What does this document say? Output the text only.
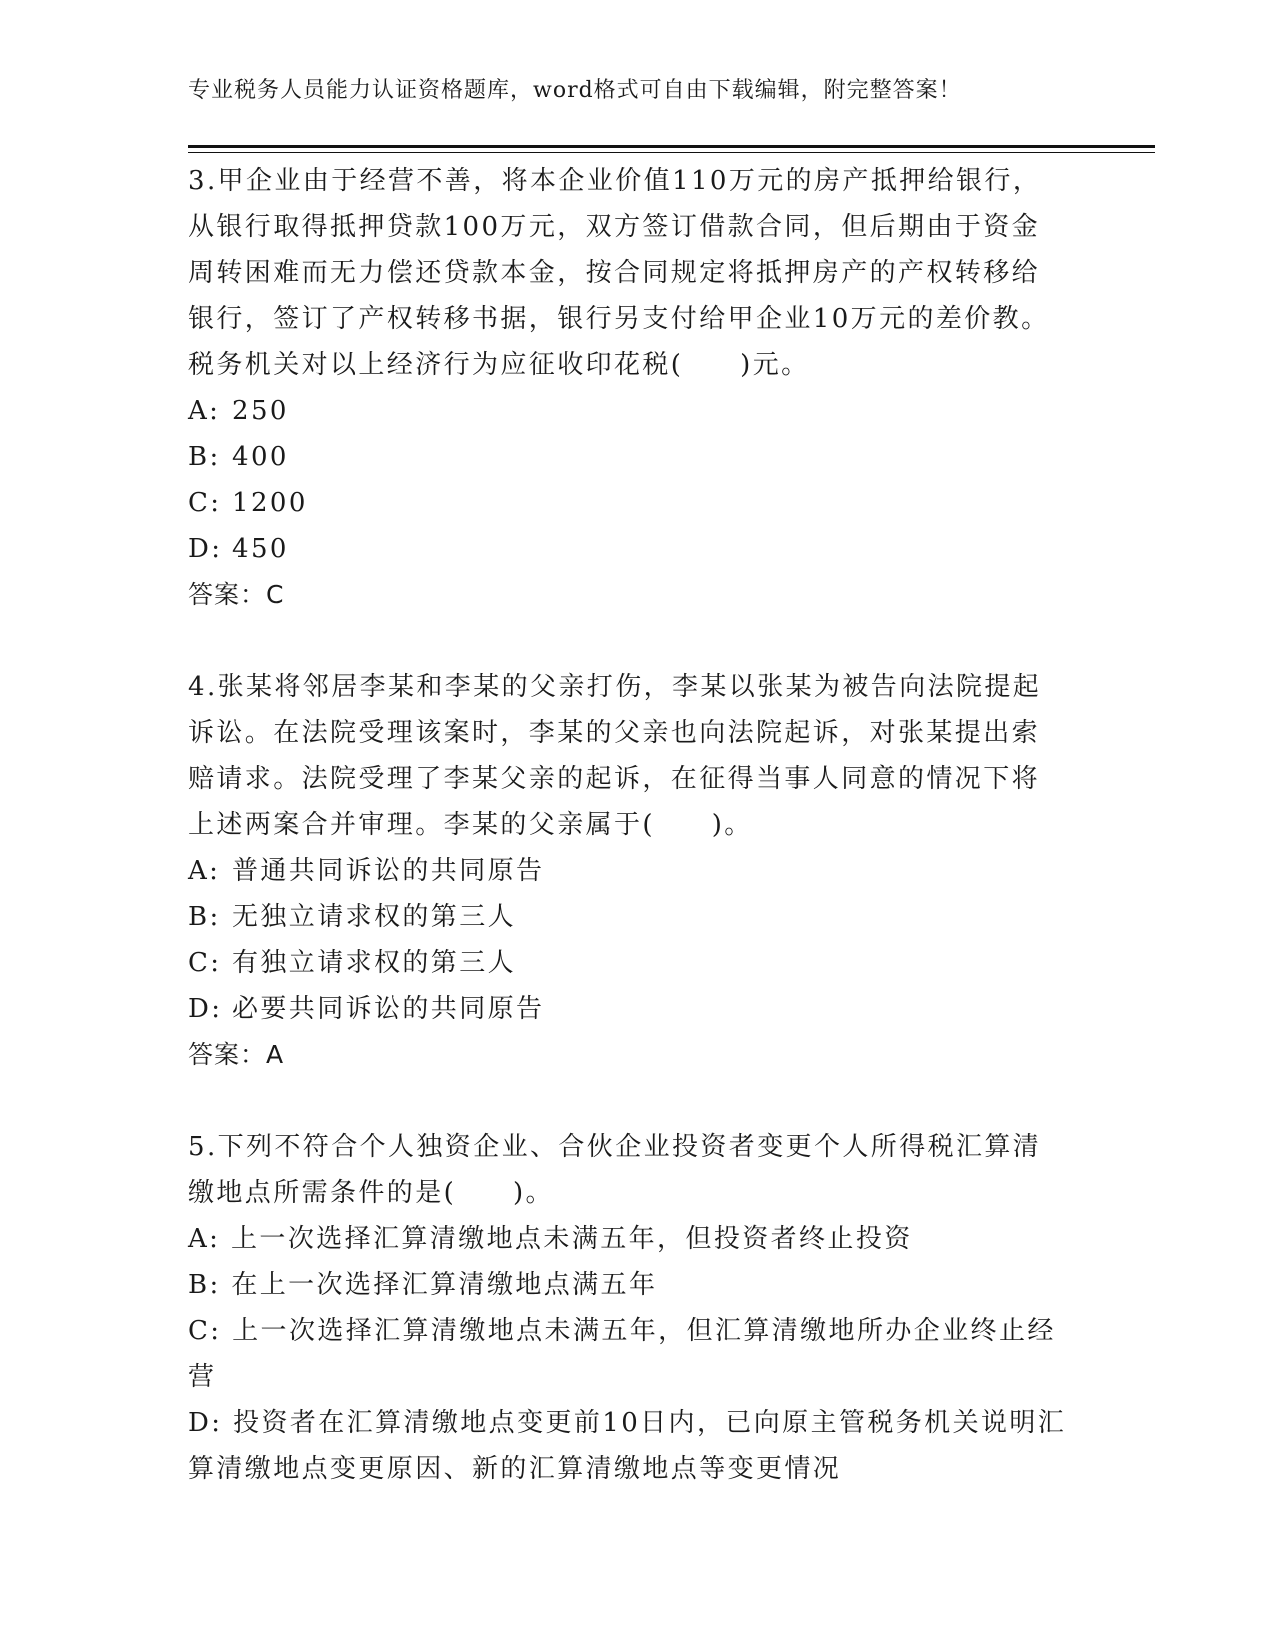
专业税务人员能力认证资格题库，word格式可自由下载编辑，附完整答案！

3.甲企业由于经营不善，将本企业价值110万元的房产抵押给银行，从银行取得抵押贷款100万元，双方签订借款合同，但后期由于资金周转困难而无力偿还贷款本金，按合同规定将抵押房产的产权转移给银行，签订了产权转移书据，银行另支付给甲企业10万元的差价教。税务机关对以上经济行为应征收印花税(　　)元。

A: 250
B: 400
C: 1200
D: 450

答案：C

4.张某将邻居李某和李某的父亲打伤，李某以张某为被告向法院提起诉讼。在法院受理该案时，李某的父亲也向法院起诉，对张某提出索赔请求。法院受理了李某父亲的起诉，在征得当事人同意的情况下将上述两案合并审理。李某的父亲属于(　　)。

A: 普通共同诉讼的共同原告
B: 无独立请求权的第三人
C: 有独立请求权的第三人
D: 必要共同诉讼的共同原告

答案：A

5.下列不符合个人独资企业、合伙企业投资者变更个人所得税汇算清缴地点所需条件的是(　　)。

A: 上一次选择汇算清缴地点未满五年，但投资者终止投资
B: 在上一次选择汇算清缴地点满五年
C: 上一次选择汇算清缴地点未满五年，但汇算清缴地所办企业终止经营
D: 投资者在汇算清缴地点变更前10日内，已向原主管税务机关说明汇算清缴地点变更原因、新的汇算清缴地点等变更情况
